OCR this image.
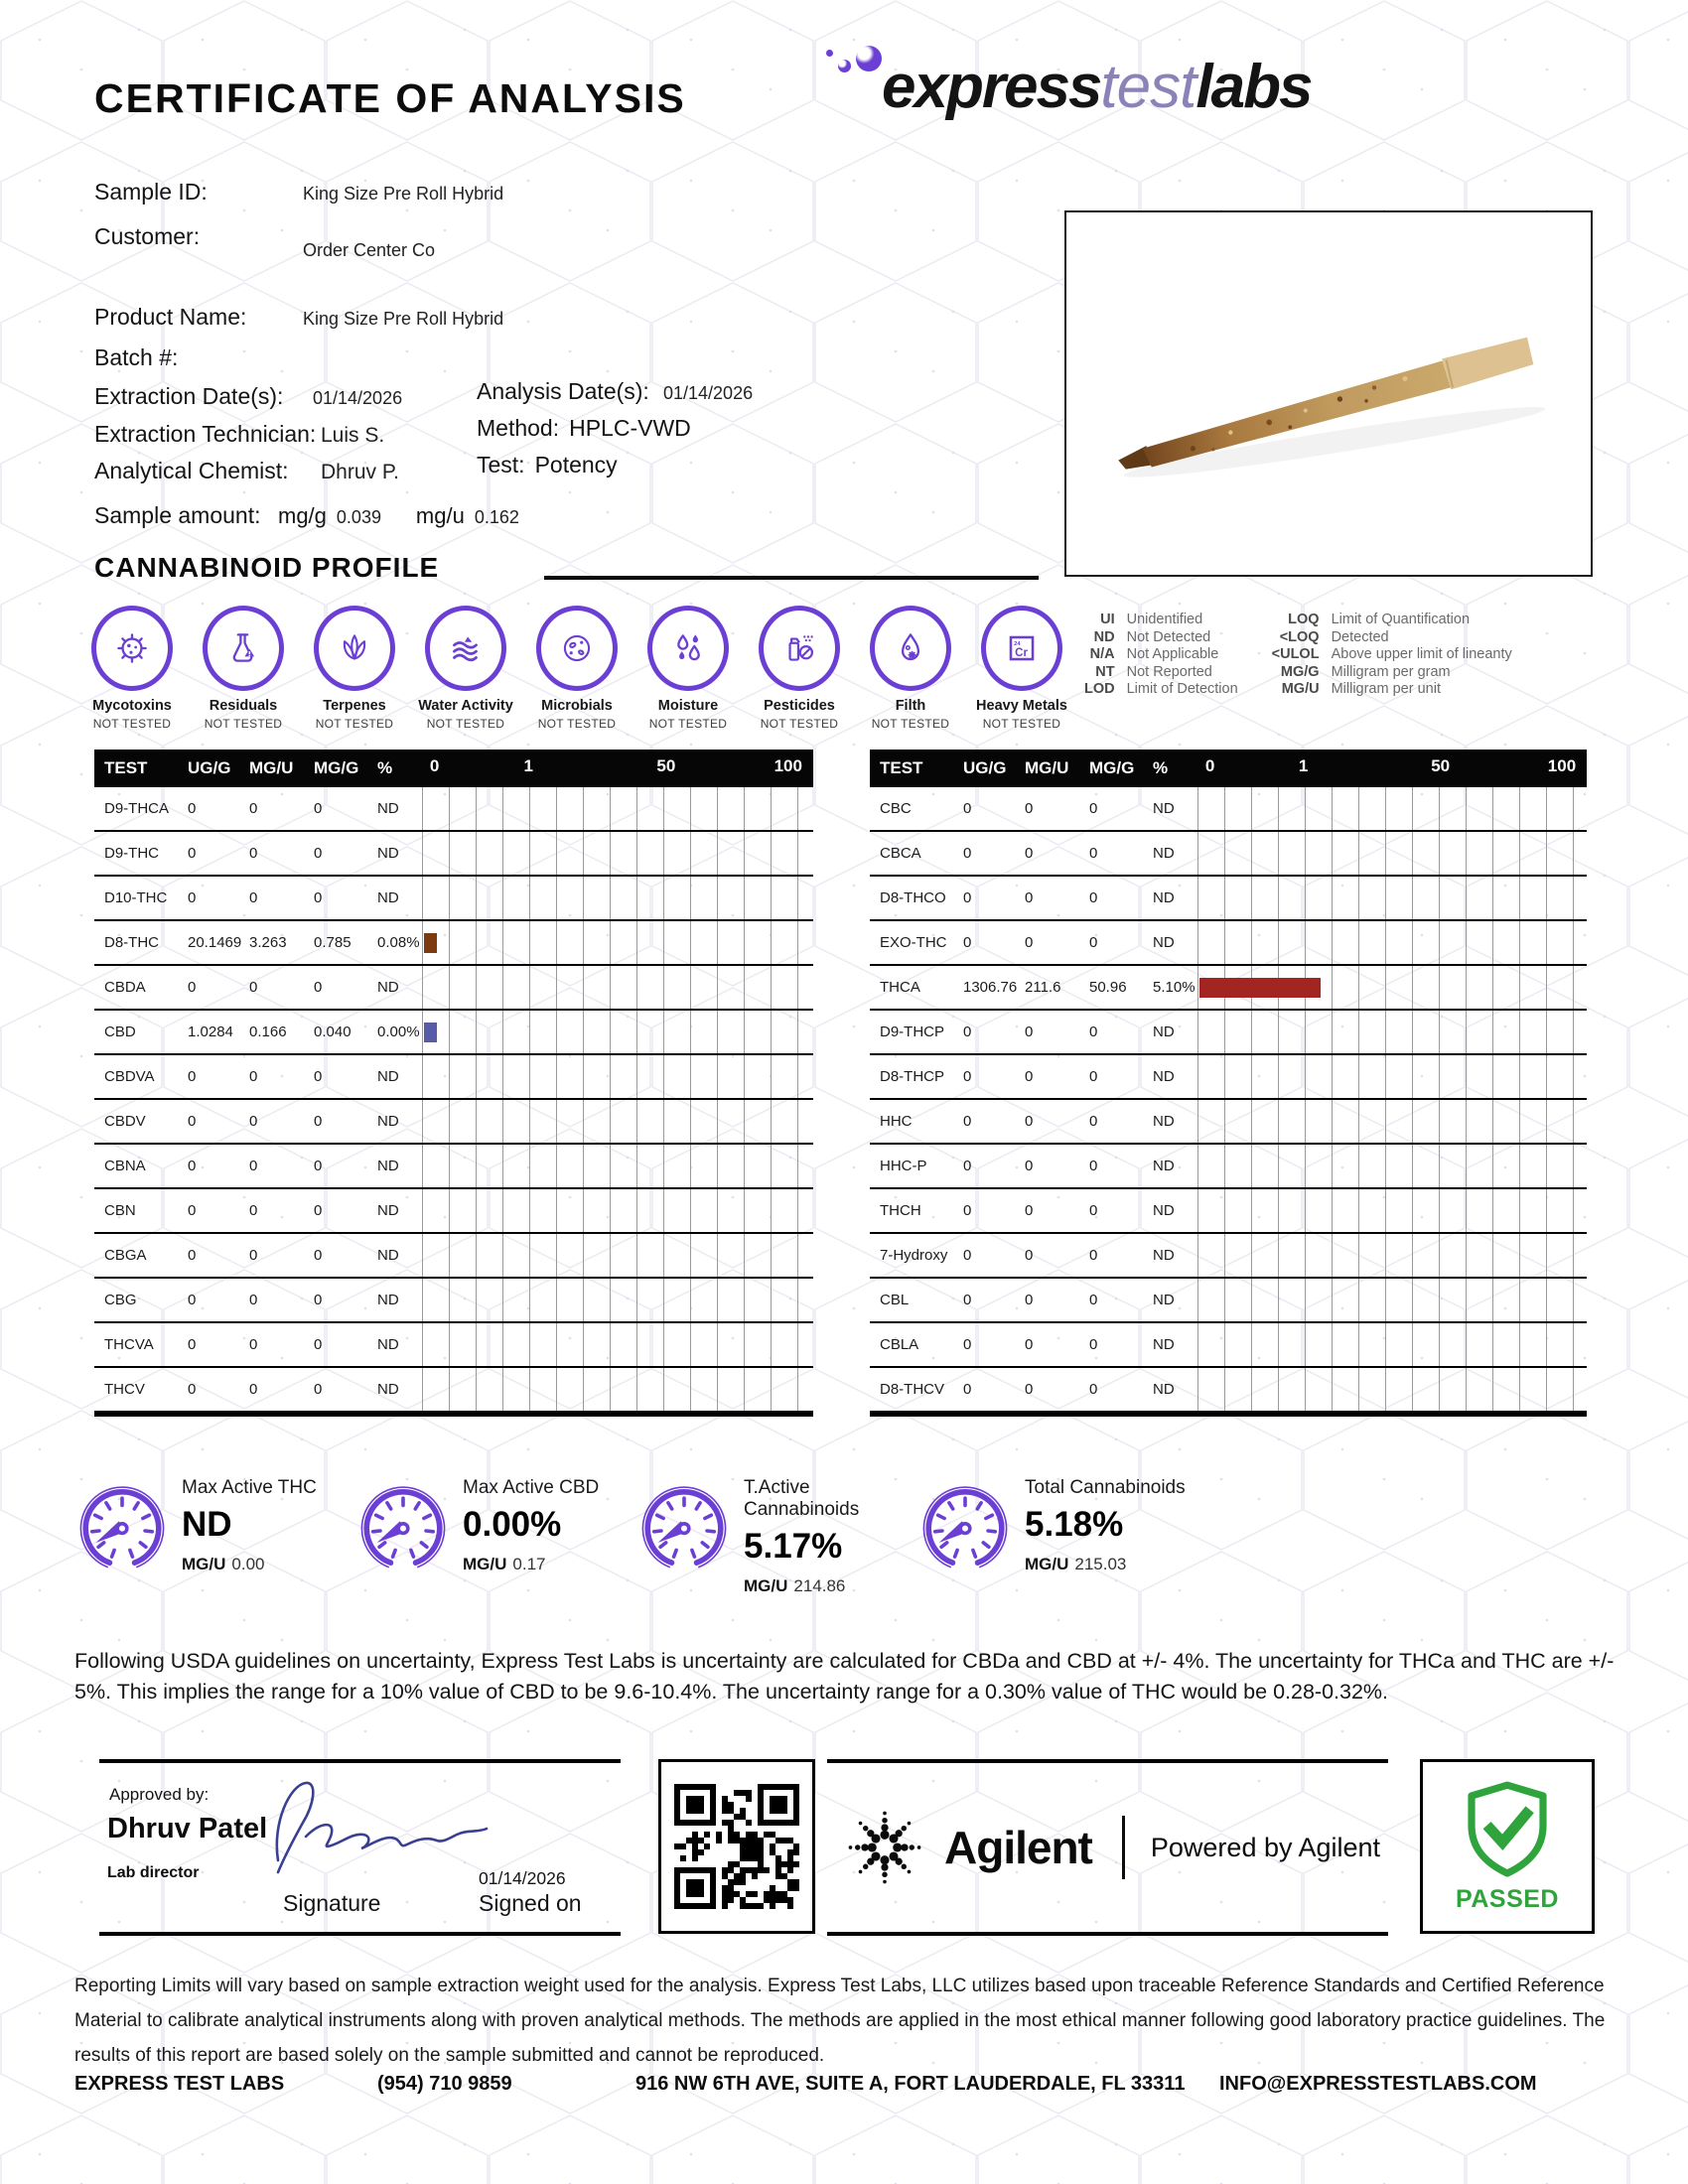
CERTIFICATE OF ANALYSIS	expresstestlabs
Sample ID:	King Size Pre Roll Hybrid
Customer:
Order Center Co
Product Name:	King Size Pre Roll Hybrid
Batch #:
Extraction Date(s):	01/14/2026	Analysis Date(s): 01/14/2026
Extraction Technician: Luis S.	Method: HPLC-VWD
Analytical Chemist:	Dhruv P.	Test: Potency
Sample amount: mg/g 0.039	mg/u 0.162
CANNABINOID PROFILE
Mycotoxins
NOT TESTED
Residuals
NOT TESTED
Terpenes
NOT TESTED
Water Activity
NOT TESTED
Microbials
NOT TESTED
Moisture
NOT TESTED
Pesticides
NOT TESTED
Filth
NOT TESTED
24
Cr
Heavy Metals
NOT TESTED
UI Unidentified
ND Not Detected
N/A Not Applicable
NT Not Reported
LOD Limit of Detection
LOQ Limit of Quantification
<LOQ Detected
<ULOL Above upper limit of lineanty
MG/G Milligram per gram
MG/U Milligram per unit
TEST	UG/G	MG/U	MG/G	%	0	1	50	100
D9-THCA	0	0	0	ND
D9-THC	0	0	0	ND
D10-THC	0	0	0	ND
D8-THC	20.1469 3.263	0.785	0.08%
CBDA	0	0	0	ND
CBD	1.0284	0.166	0.040	0.00%
CBDVA	0	0	0	ND
CBDV	0	0	0	ND
CBNA	0	0	0	ND
CBN	0	0	0	ND
CBGA	0	0	0	ND
CBG	0	0	0	ND
THCVA	0	0	0	ND
THCV	0	0	0	ND
TEST	UG/G	MG/U	MG/G	%	0	1	50	100
CBC	0	0	0	ND
CBCA	0	0	0	ND
D8-THCO	0	0	0	ND
EXO-THC	0	0	0	ND
THCA	1306.76 211.6	50.96	5.10%
D9-THCP	0	0	0	ND
D8-THCP	0	0	0	ND
HHC	0	0	0	ND
HHC-P	0	0	0	ND
THCH	0	0	0	ND
7-Hydroxy	0	0	0	ND
CBL	0	0	0	ND
CBLA	0	0	0	ND
D8-THCV	0	0	0	ND
Max Active THC
ND
MG/U 0.00
Max Active CBD
0.00%
MG/U 0.17
T.Active Cannabinoids
5.17%
MG/U 214.86
Total Cannabinoids
5.18%
MG/U 215.03
Following USDA guidelines on uncertainty, Express Test Labs is uncertainty are calculated for CBDa and CBD at +/- 4%. The uncertainty for THCa and THC are +/- 5%. This implies the range for a 10% value of CBD to be 9.6-10.4%. The uncertainty range for a 0.30% value of THC would be 0.28-0.32%.
Approved by:
Dhruv Patel
Lab director
Signature
01/14/2026
Signed on
Agilent Powered by Agilent
PASSED
Reporting Limits will vary based on sample extraction weight used for the analysis. Express Test Labs, LLC utilizes based upon traceable Reference Standards and Certified Reference Material to calibrate analytical instruments along with proven analytical methods. The methods are applied in the most ethical manner following good laboratory practice guidelines. The results of this report are based solely on the sample submitted and cannot be reproduced.
EXPRESS TEST LABS	(954) 710 9859	916 NW 6TH AVE, SUITE A, FORT LAUDERDALE, FL 33311 INFO@EXPRESSTESTLABS.COM
